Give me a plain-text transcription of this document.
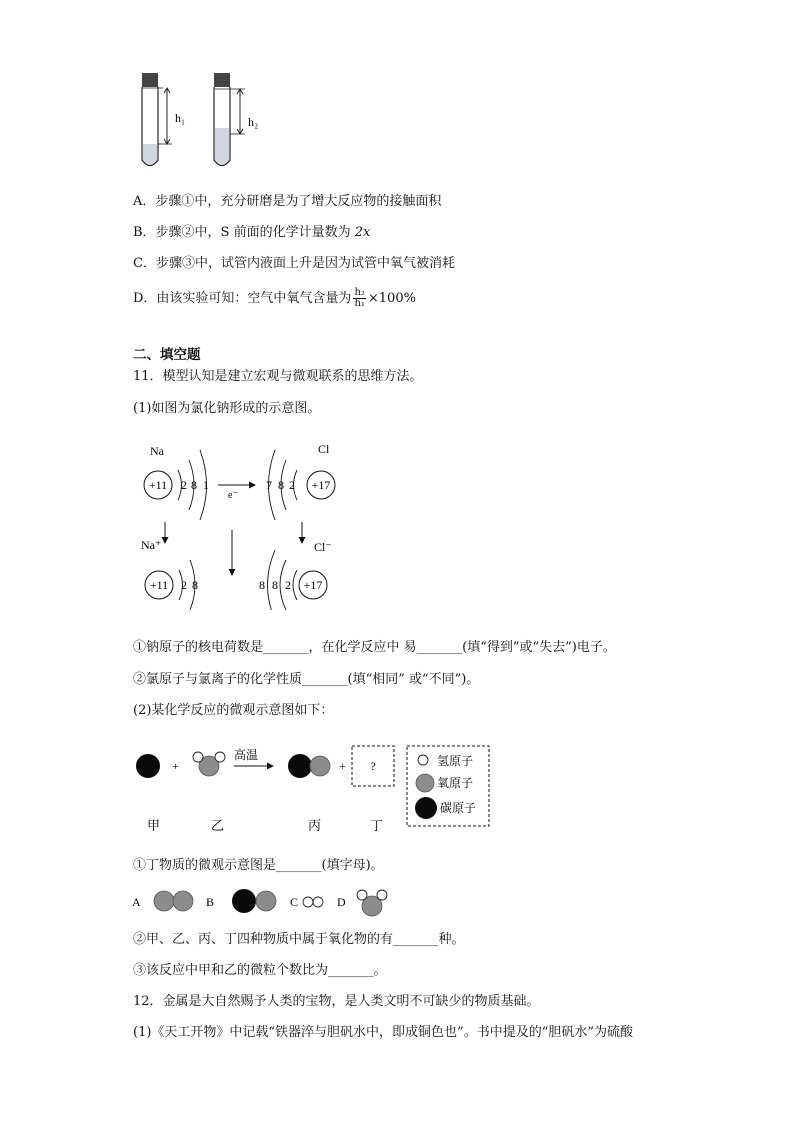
h₁	h₂
A．步骤①中，充分研磨是为了增大反应物的接触面积
B．步骤②中，S 前面的化学计量数为 2x
C．步骤③中，试管内液面上升是因为试管中氧气被消耗
D．由该实验可知：空气中氧气含量为 $\frac{\text{h₂}}{\text{h₁}} \times 100\%$
二、填空题
11．模型认知是建立宏观与微观联系的思维方法。
(1)如图为氯化钠形成的示意图。
Na
+11 2 8 1
e⁻
7 8 2 +17
Cl
Na⁺
+11 2 8
Cl⁻
8 8 2 +17
①钠原子的核电荷数是_______，在化学反应中 易_______(填“得到”或“失去”)电子。
②氯原子与氯离子的化学性质_______(填“相同” 或“不同”)。
(2)某化学反应的微观示意图如下：
+
高温
+ ?	氢原子
氧原子
碳原子
甲	乙	丙	丁
①丁物质的微观示意图是_______(填字母)。
A	B	C	D
②甲、乙、丙、丁四种物质中属于氧化物的有_______种。
③该反应中甲和乙的微粒个数比为_______。
12．金属是大自然赐予人类的宝物，是人类文明不可缺少的物质基础。
(1)《天工开物》中记载“铁器淬与胆矾水中，即成铜色也”。书中提及的“胆矾水”为硫酸
